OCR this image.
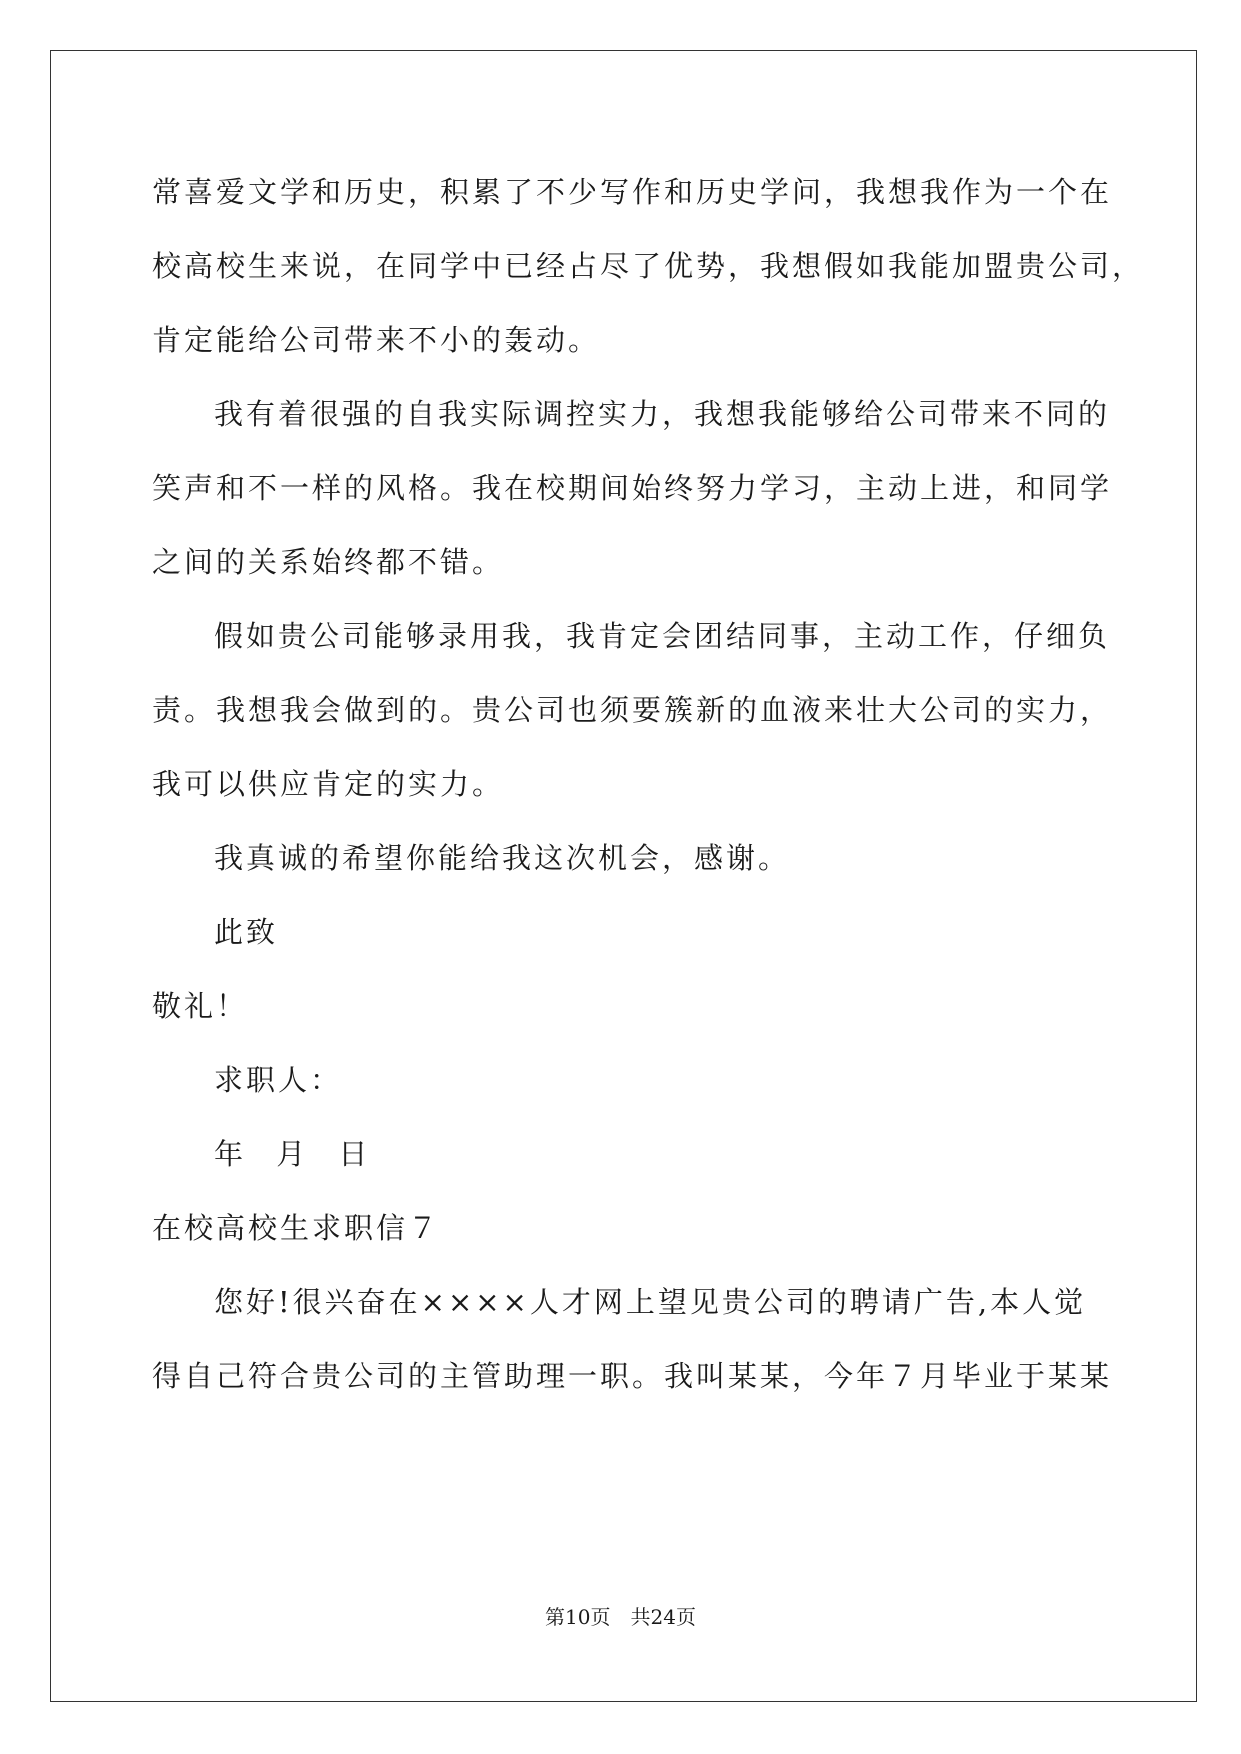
常喜爱文学和历史，积累了不少写作和历史学问，我想我作为一个在
校高校生来说，在同学中已经占尽了优势，我想假如我能加盟贵公司，
肯定能给公司带来不小的轰动。
我有着很强的自我实际调控实力，我想我能够给公司带来不同的
笑声和不一样的风格。我在校期间始终努力学习，主动上进，和同学
之间的关系始终都不错。
假如贵公司能够录用我，我肯定会团结同事，主动工作，仔细负
责。我想我会做到的。贵公司也须要簇新的血液来壮大公司的实力，
我可以供应肯定的实力。
我真诚的希望你能给我这次机会，感谢。
此致
敬礼！
求职人：
年 月 日
在校高校生求职信７
您好!很兴奋在××××人才网上望见贵公司的聘请广告,本人觉
得自己符合贵公司的主管助理一职。我叫某某，今年７月毕业于某某
第10页 共24页
